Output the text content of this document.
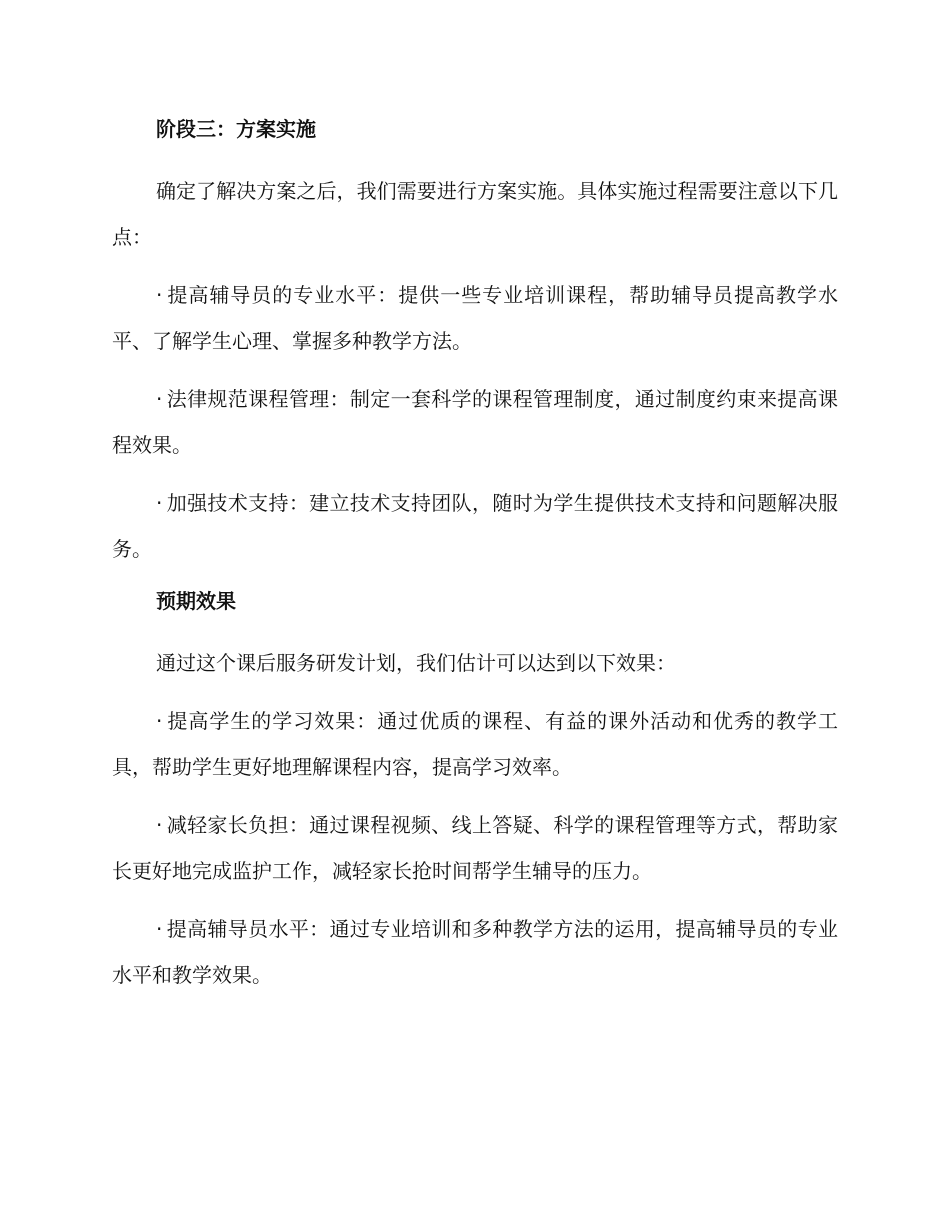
阶段三：方案实施

确定了解决方案之后，我们需要进行方案实施。具体实施过程需要注意以下几点：

· 提高辅导员的专业水平：提供一些专业培训课程，帮助辅导员提高教学水平、了解学生心理、掌握多种教学方法。

· 法律规范课程管理：制定一套科学的课程管理制度，通过制度约束来提高课程效果。

· 加强技术支持：建立技术支持团队，随时为学生提供技术支持和问题解决服务。

预期效果

通过这个课后服务研发计划，我们估计可以达到以下效果：

· 提高学生的学习效果：通过优质的课程、有益的课外活动和优秀的教学工具，帮助学生更好地理解课程内容，提高学习效率。

· 减轻家长负担：通过课程视频、线上答疑、科学的课程管理等方式，帮助家长更好地完成监护工作，减轻家长抢时间帮学生辅导的压力。

· 提高辅导员水平：通过专业培训和多种教学方法的运用，提高辅导员的专业水平和教学效果。
